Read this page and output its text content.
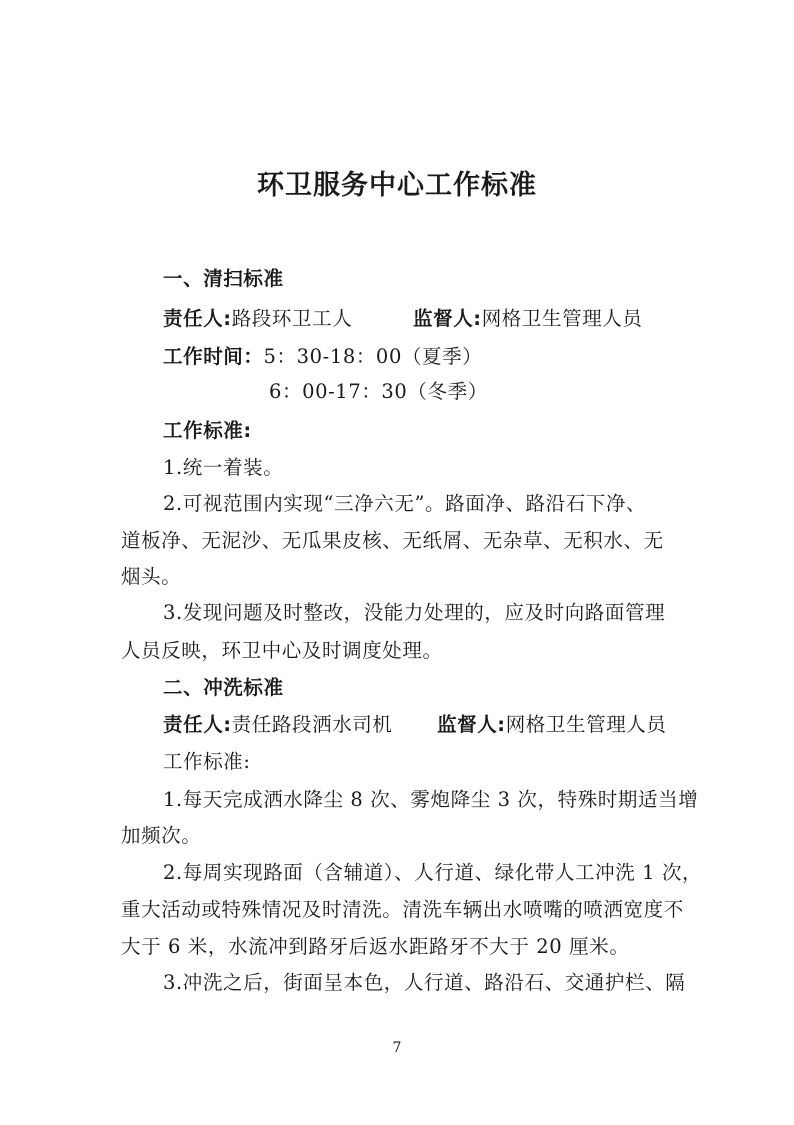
环卫服务中心工作标准
一、清扫标准
责任人:路段环卫工人	监督人:网格卫生管理人员
工作时间：5：30-18：00（夏季）
6：00-17：30（冬季）
工作标准:
1.统一着装。
2.可视范围内实现“三净六无”。路面净、路沿石下净、
道板净、无泥沙、无瓜果皮核、无纸屑、无杂草、无积水、无
烟头。
3.发现问题及时整改，没能力处理的，应及时向路面管理
人员反映，环卫中心及时调度处理。
二、冲洗标准
责任人:责任路段洒水司机 监督人:网格卫生管理人员
工作标准:
1.每天完成洒水降尘 8 次、雾炮降尘 3 次，特殊时期适当增
加频次。
2.每周实现路面（含辅道）、人行道、绿化带人工冲洗 1 次，
重大活动或特殊情况及时清洗。清洗车辆出水喷嘴的喷洒宽度不
大于 6 米，水流冲到路牙后返水距路牙不大于 20 厘米。
3.冲洗之后，街面呈本色，人行道、路沿石、交通护栏、隔
7
